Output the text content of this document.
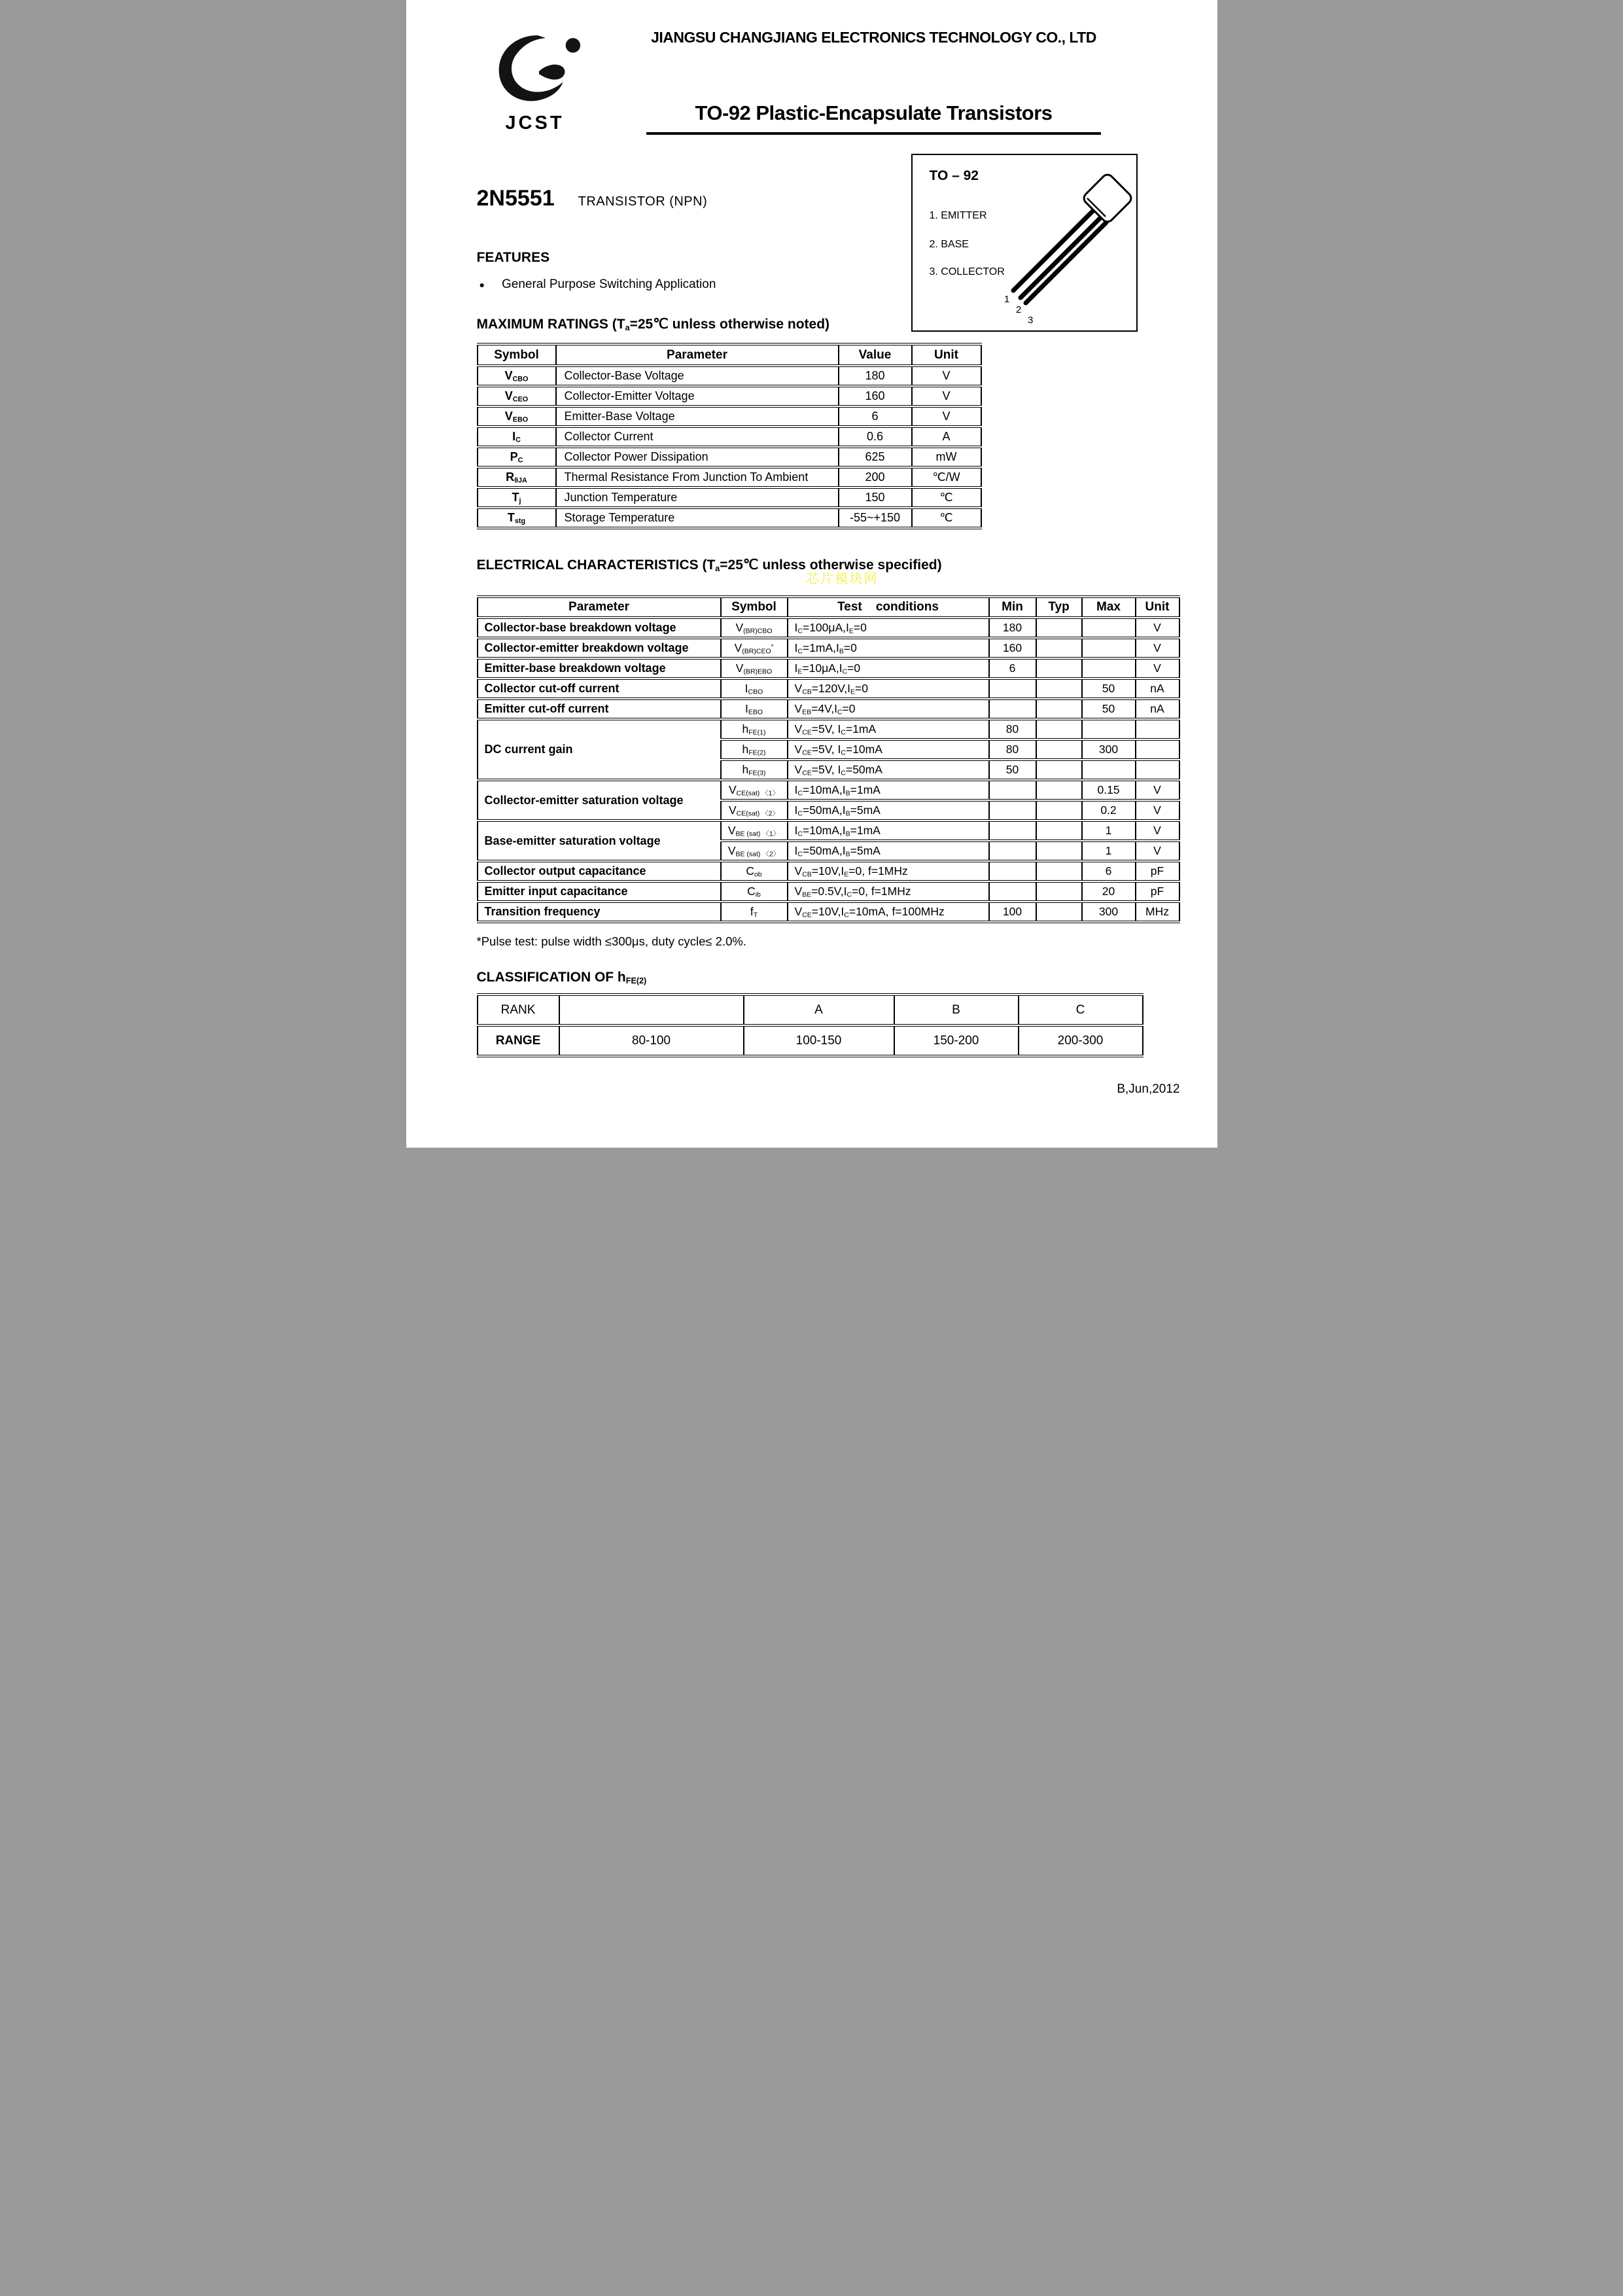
JCST
JIANGSU CHANGJIANG ELECTRONICS TECHNOLOGY CO., LTD
TO-92 Plastic-Encapsulate Transistors
1
2
3
TO – 92
1. EMITTER
2. BASE
3. COLLECTOR
2N5551 TRANSISTOR (NPN)
FEATURES
● General Purpose Switching Application
MAXIMUM RATINGS ($T_a=25℃$ unless otherwise noted)
Symbol	Parameter	Value	Unit
$V_{CBO}$	Collector-Base Voltage	180	V
$V_{CEO}$	Collector-Emitter Voltage	160	V
$V_{EBO}$	Emitter-Base Voltage	6	V
$I_C$	Collector Current	0.6	A
$P_C$	Collector Power Dissipation	625	mW
$R_{\theta JA}$	Thermal Resistance From Junction To Ambient	200	℃/W
$T_j$	Junction Temperature	150	℃
$T_{stg}$	Storage Temperature	-55~+150	℃
ELECTRICAL CHARACTERISTICS ($T_a=25℃$ unless otherwise specified)
芯片模块网
Parameter	Symbol	Test    conditions	Min	Typ	Max	Unit
Collector-base breakdown voltage	$V_{(BR)CBO}$	$I_C=100\mu A,I_E=0$	180			V
Collector-emitter breakdown voltage	$V_{(BR)CEO}^*$	$I_C=1mA,I_B=0$	160			V
Emitter-base breakdown voltage	$V_{(BR)EBO}$	$I_E=10\mu A,I_C=0$	6			V
Collector cut-off current	$I_{CBO}$	$V_{CB}=120V,I_E=0$			50	nA
Emitter cut-off current	$I_{EBO}$	$V_{EB}=4V,I_C=0$			50	nA
DC current gain	$h_{FE(1)}$	$V_{CE}=5V$, $I_C=1mA$	80			
	$h_{FE(2)}$	$V_{CE}=5V$, $I_C=10mA$	80		300	
	$h_{FE(3)}$	$V_{CE}=5V$, $I_C=50mA$	50			
Collector-emitter saturation voltage	$V_{CE(sat) 〈1〉}$	$I_C=10mA,I_B=1mA$			0.15	V
	$V_{CE(sat) 〈2〉}$	$I_C=50mA,I_B=5mA$			0.2	V
Base-emitter saturation voltage	$V_{BE (sat) 〈1〉}$	$I_C=10mA,I_B=1mA$			1	V
	$V_{BE (sat) 〈2〉}$	$I_C=50mA,I_B=5mA$			1	V
Collector output capacitance	$C_{ob}$	$V_{CB}=10V,I_E=0$, f=1MHz			6	pF
Emitter input capacitance	$C_{ib}$	$V_{BE}=0.5V,I_C=0$, f=1MHz			20	pF
Transition frequency	$f_T$	$V_{CE}=10V,I_C=10mA$, f=100MHz	100		300	MHz
*Pulse test: pulse width ≤300μs, duty cycle≤ 2.0%.
CLASSIFICATION OF $h_{FE(2)}$
RANK		A	B	C
RANGE	80-100	100-150	150-200	200-300
B,Jun,2012
